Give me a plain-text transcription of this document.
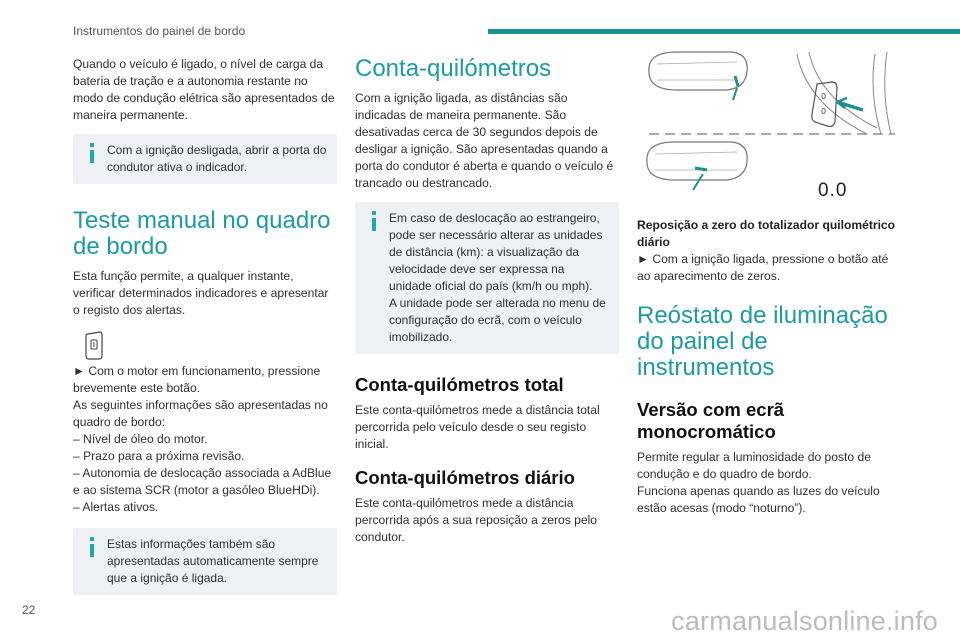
Instrumentos do painel de bordo

Quando o veículo é ligado, o nível de carga da bateria de tração e a autonomia restante no modo de condução elétrica são apresentados de maneira permanente.

Com a ignição desligada, abrir a porta do condutor ativa o indicador.

Teste manual no quadro de bordo

Esta função permite, a qualquer instante, verificar determinados indicadores e apresentar o registo dos alertas.

► Com o motor em funcionamento, pressione brevemente este botão.

As seguintes informações são apresentadas no quadro de bordo:

– Nível de óleo do motor.

– Prazo para a próxima revisão.

– Autonomia de deslocação associada a AdBlue e ao sistema SCR (motor a gasóleo BlueHDi).

– Alertas ativos.

Estas informações também são apresentadas automaticamente sempre que a ignição é ligada.

Conta-quilómetros

Com a ignição ligada, as distâncias são indicadas de maneira permanente. São desativadas cerca de 30 segundos depois de desligar a ignição. São apresentadas quando a porta do condutor é aberta e quando o veículo é trancado ou destrancado.

Em caso de deslocação ao estrangeiro, pode ser necessário alterar as unidades de distância (km): a visualização da velocidade deve ser expressa na unidade oficial do país (km/h ou mph).

A unidade pode ser alterada no menu de configuração do ecrã, com o veículo imobilizado.

Conta-quilómetros total

Este conta-quilómetros mede a distância total percorrida pelo veículo desde o seu registo inicial.

Conta-quilómetros diário

Este conta-quilómetros mede a distância percorrida após a sua reposição a zeros pelo condutor.

0
0
0.0

Reposição a zero do totalizador quilométrico diário

► Com a ignição ligada, pressione o botão até ao aparecimento de zeros.

Reóstato de iluminação do painel de instrumentos
Versão com ecrã monocromático

Permite regular a luminosidade do posto de condução e do quadro de bordo.

Funciona apenas quando as luzes do veículo estão acesas (modo “noturno”).

22	carmanualsonline.info
